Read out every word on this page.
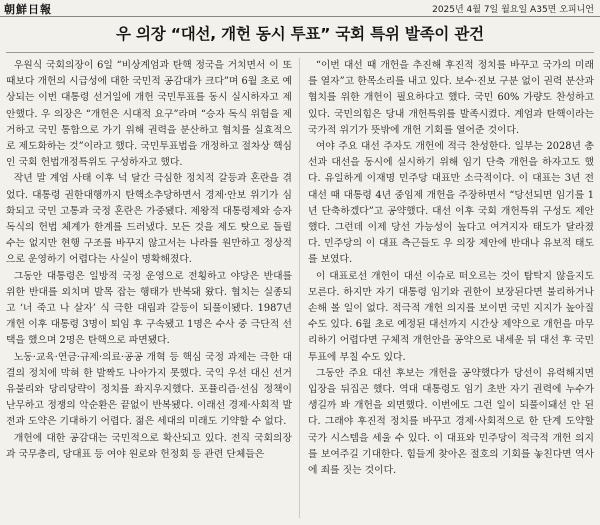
朝鮮日報	2025년 4월 7일 월요일 A35면 오피니언
우 의장 “대선, 개헌 동시 투표” 국회 특위 발족이 관건

우원식 국회의장이 6일 “비상계엄과 탄핵 정국을 거치면서 이 또 때보다 개헌의 시급성에 대한 국민적 공감대가 크다”며 6월 초로 예상되는 이번 대통령 선거일에 개헌 국민투표를 동시 실시하자고 제안했다. 우 의장은 “개헌은 시대적 요구”라며 “승자 독식 위험을 제거하고 국민 통합으로 가기 위해 권력을 분산하고 협치를 실효적으로 제도화하는 것”이라고 했다. 국민투표법을 개정하고 절차상 핵심인 국회 헌법개정특위도 구성하자고 했다.

작년 말 계엄 사태 이후 넉 달간 극심한 정치적 갈등과 혼란을 겪었다. 대통령 권한대행까지 탄핵소추당하면서 경제·안보 위기가 심화되고 국민 고통과 국정 혼란은 가중됐다. 제왕적 대통령제와 승자 독식의 헌법 체계가 한계를 드러냈다. 모든 것을 제도 탓으로 돌릴 수는 없지만 현행 구조를 바꾸지 않고서는 나라를 원만하고 정상적으로 운영하기 어렵다는 사실이 명확해졌다.

그동안 대통령은 일방적 국정 운영으로 전횡하고 야당은 반대를 위한 반대를 외치며 발목 잡는 행태가 반복돼 왔다. 협치는 실종되고 ‘너 죽고 나 살자’ 식 극한 대립과 갈등이 되풀이됐다. 1987년 개헌 이후 대통령 3명이 퇴임 후 구속됐고 1명은 수사 중 극단적 선택을 했으며 2명은 탄핵으로 파면됐다.

노동·교육·연금·규제·의료·공공 개혁 등 핵심 국정 과제는 극한 대결의 정치에 막혀 한 발짝도 나아가지 못했다. 국익 우선 대신 선거 유불리와 당리당략이 정치를 좌지우지했다. 포퓰리즘·선심 정책이 난무하고 정쟁의 악순환은 끝없이 반복됐다. 이래선 경제·사회적 발전과 도약은 기대하기 어렵다. 젊은 세대의 미래도 기약할 수 없다.

개헌에 대한 공감대는 국민적으로 확산되고 있다. 전직 국회의장과 국무총리, 당대표 등 여야 원로와 헌정회 등 관련 단체들은

“이번 대선 때 개헌을 추진해 후진적 정치를 바꾸고 국가의 미래를 열자”고 한목소리를 내고 있다. 보수·진보 구분 없이 권력 분산과 협치를 위한 개헌이 필요하다고 했다. 국민 60% 가량도 찬성하고 있다. 국민의힘은 당내 개헌특위를 발족시켰다. 계엄과 탄핵이라는 국가적 위기가 뜻밖에 개헌 기회를 열어준 것이다.

여야 주요 대선 주자도 개헌에 적극 찬성한다. 일부는 2028년 총선과 대선을 동시에 실시하기 위해 임기 단축 개헌을 하자고도 했다. 유일하게 이재명 민주당 대표만 소극적이다. 이 대표는 3년 전 대선 때 대통령 4년 중임제 개헌을 주장하면서 “당선되면 임기를 1년 단축하겠다”고 공약했다. 대선 이후 국회 개헌특위 구성도 제안했다. 그런데 이제 당선 가능성이 높다고 여겨지자 태도가 달라졌다. 민주당의 이 대표 측근들도 우 의장 제안에 반대나 유보적 태도를 보였다.

이 대표로선 개헌이 대선 이슈로 떠오르는 것이 탐탁지 않을지도 모른다. 하지만 자기 대통령 임기와 권한이 보장된다면 불리하거나 손해 볼 일이 없다. 적극적 개헌 의지를 보이면 국민 지지가 높아질 수도 있다. 6월 초로 예정된 대선까지 시간상 제약으로 개헌을 마무리하기 어렵다면 구체적 개헌안을 공약으로 내세운 뒤 대선 후 국민투표에 부칠 수도 있다.

그동안 주요 대선 후보는 개헌을 공약했다가 당선이 유력해지면 입장을 뒤집곤 했다. 역대 대통령도 임기 초반 자기 권력에 누수가 생길까 봐 개헌을 외면했다. 이번에도 그런 일이 되풀이돼선 안 된다. 그래야 후진적 정치를 바꾸고 경제·사회적으로 한 단계 도약할 국가 시스템을 세울 수 있다. 이 대표와 민주당이 적극적 개헌 의지를 보여주길 기대한다. 힘들게 찾아온 절호의 기회를 놓친다면 역사에 죄를 짓는 것이다.
